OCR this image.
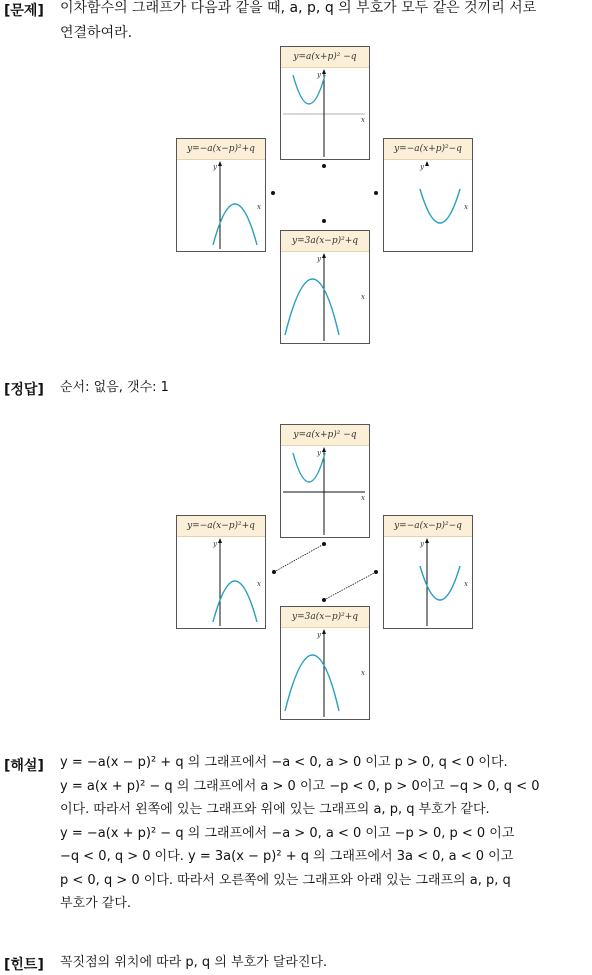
[문제] 이차함수의 그래프가 다음과 같을 때, a, p, q 의 부호가 모두 같은 것끼리 서로
연결하여라.
y=a(x+p)² −q
y
x
y=−a(x−p)²+q
y
x
y=−a(x+p)²−q
y
x
y=3a(x−p)²+q
y
x
[정답] 순서: 없음, 갯수: 1
y=a(x+p)² −q
y
x
y=−a(x−p)²+q
y
x
y=−a(x−p)²−q
y
x
y=3a(x−p)²+q
y
x
[해설] y = −a(x − p)² + q 의 그래프에서 −a < 0, a > 0 이고 p > 0, q < 0 이다.
y = a(x + p)² − q 의 그래프에서 a > 0 이고 −p < 0, p > 0이고 −q > 0, q < 0
이다. 따라서 왼쪽에 있는 그래프와 위에 있는 그래프의 a, p, q 부호가 같다.
y = −a(x + p)² − q 의 그래프에서 −a > 0, a < 0 이고 −p > 0, p < 0 이고
−q < 0, q > 0 이다. y = 3a(x − p)² + q 의 그래프에서 3a < 0, a < 0 이고
p < 0, q > 0 이다. 따라서 오른쪽에 있는 그래프와 아래 있는 그래프의 a, p, q
부호가 같다.
[힌트] 꼭짓점의 위치에 따라 p, q 의 부호가 달라진다.
